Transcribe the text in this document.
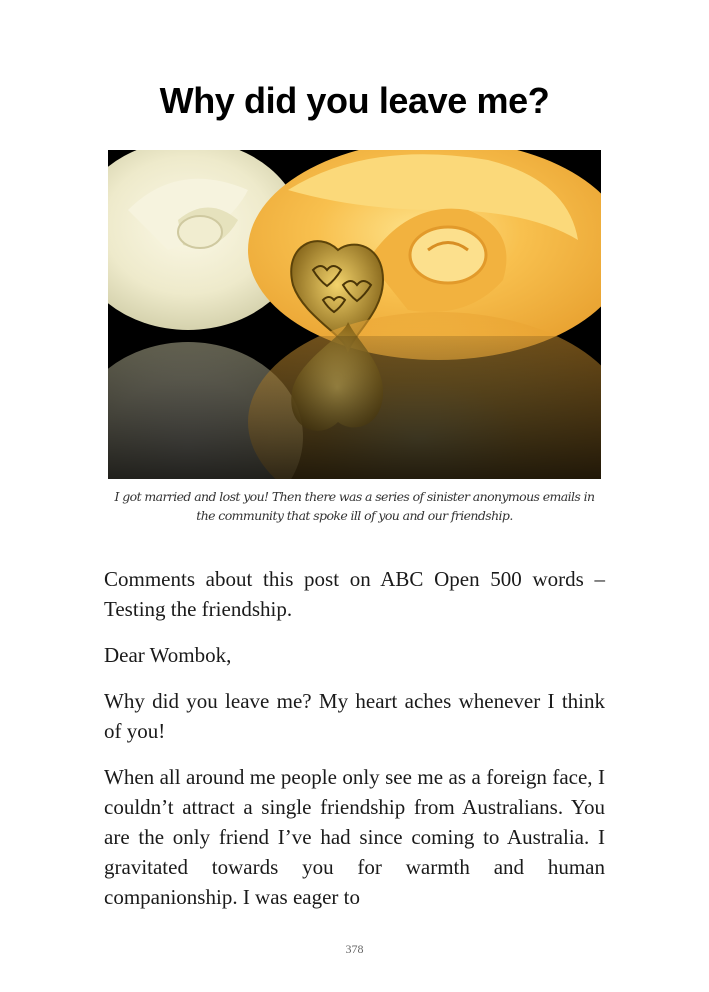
Why did you leave me?

I got married and lost you! Then there was a series of sinister anonymous emails in the community that spoke ill of you and our friendship.

Comments about this post on ABC Open 500 words – Testing the friendship.

Dear Wombok,

Why did you leave me? My heart aches whenever I think of you!

When all around me people only see me as a foreign face, I couldn’t attract a single friendship from Australians. You are the only friend I’ve had since coming to Australia. I gravitated towards you for warmth and human companionship. I was eager to

378
